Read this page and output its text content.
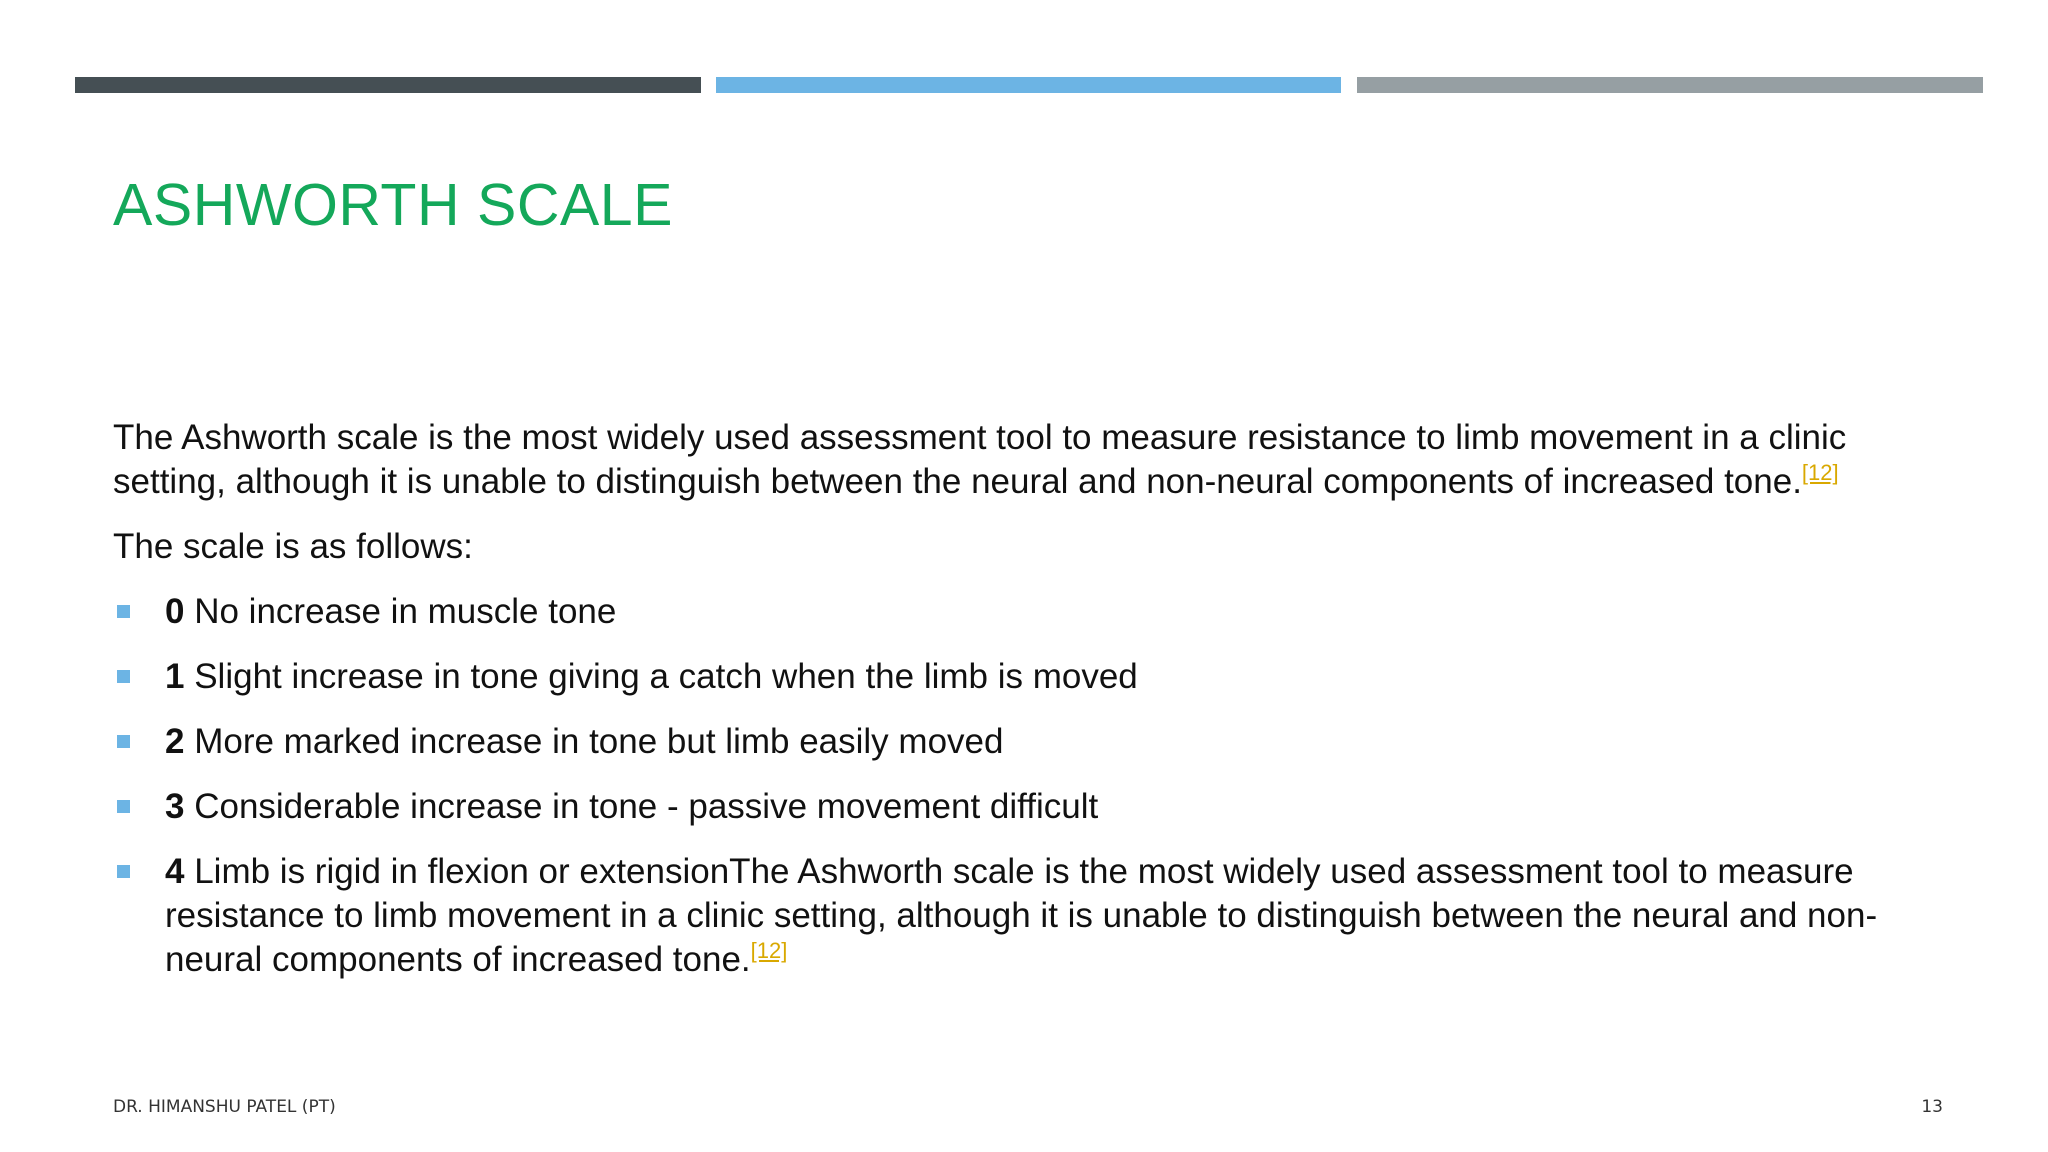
ASHWORTH SCALE

The Ashworth scale is the most widely used assessment tool to measure resistance to limb movement in a clinic setting, although it is unable to distinguish between the neural and non-neural components of increased tone.[12]

The scale is as follows:

0 No increase in muscle tone
1 Slight increase in tone giving a catch when the limb is moved
2 More marked increase in tone but limb easily moved
3 Considerable increase in tone - passive movement difficult
4 Limb is rigid in flexion or extensionThe Ashworth scale is the most widely used assessment tool to measure resistance to limb movement in a clinic setting, although it is unable to distinguish between the neural and non-neural components of increased tone.[12]
DR. HIMANSHU PATEL (PT)	13
